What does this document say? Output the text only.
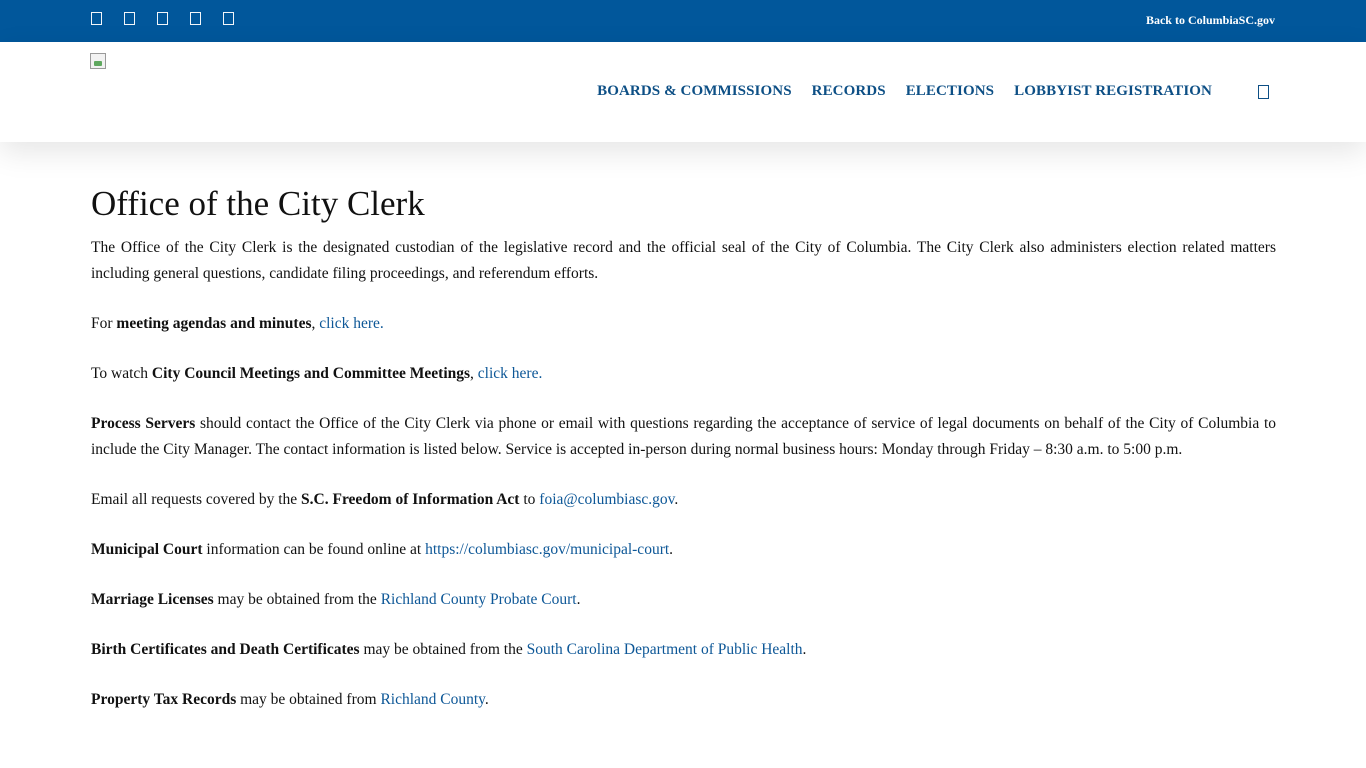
Back to ColumbiaSC.gov
BOARDS & COMMISSIONS RECORDS ELECTIONS LOBBYIST REGISTRATION
Office of the City Clerk

The Office of the City Clerk is the designated custodian of the legislative record and the official seal of the City of Columbia. The City Clerk also administers election related matters including general questions, candidate filing proceedings, and referendum efforts.

For meeting agendas and minutes, click here.

To watch City Council Meetings and Committee Meetings, click here.

Process Servers should contact the Office of the City Clerk via phone or email with questions regarding the acceptance of service of legal documents on behalf of the City of Columbia to include the City Manager. The contact information is listed below. Service is accepted in-person during normal business hours: Monday through Friday – 8:30 a.m. to 5:00 p.m.

Email all requests covered by the S.C. Freedom of Information Act to foia@columbiasc.gov.

Municipal Court information can be found online at https://columbiasc.gov/municipal-court.

Marriage Licenses may be obtained from the Richland County Probate Court.

Birth Certificates and Death Certificates may be obtained from the South Carolina Department of Public Health.

Property Tax Records may be obtained from Richland County.
